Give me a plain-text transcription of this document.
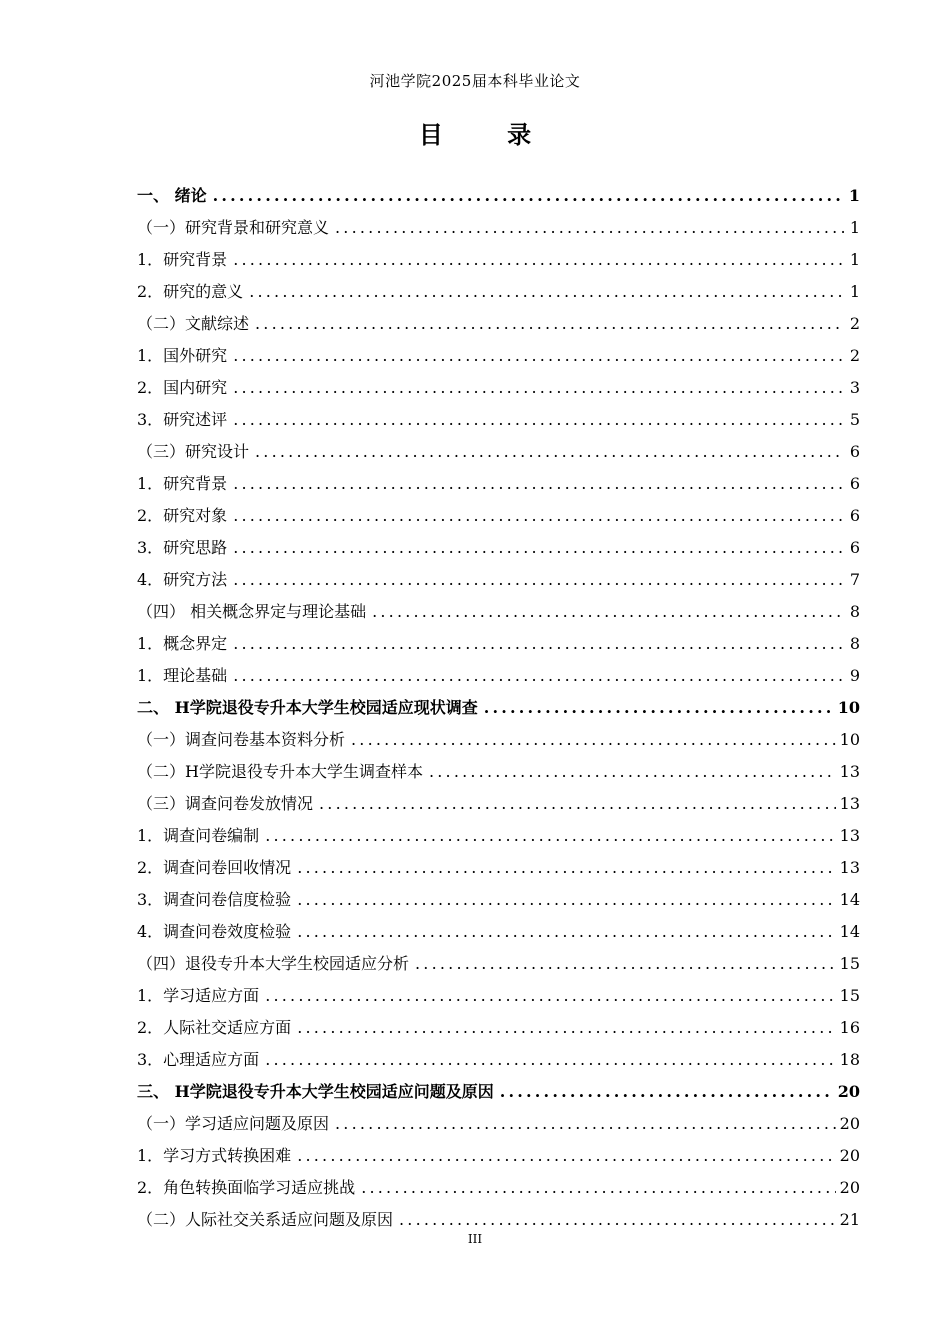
河池学院2025届本科毕业论文
目 录
一、 绪论 .....	1
（一）研究背景和研究意义 .....	1
1．研究背景 .....	1
2．研究的意义 .....	1
（二）文献综述 .....	2
1．国外研究 .....	2
2．国内研究 .....	3
3．研究述评 .....	5
（三）研究设计 .....	6
1．研究背景 .....	6
2．研究对象 .....	6
3．研究思路 .....	6
4．研究方法 .....	7
（四） 相关概念界定与理论基础 .....	8
1．概念界定 .....	8
1．理论基础 .....	9
二、 H学院退役专升本大学生校园适应现状调查 .....	10
（一）调查问卷基本资料分析 .....	10
（二）H学院退役专升本大学生调查样本 .....	13
（三）调查问卷发放情况 .....	13
1．调查问卷编制 .....	13
2．调查问卷回收情况 .....	13
3．调查问卷信度检验 .....	14
4．调查问卷效度检验 .....	14
（四）退役专升本大学生校园适应分析 .....	15
1．学习适应方面 .....	15
2．人际社交适应方面 .....	16
3．心理适应方面 .....	18
三、 H学院退役专升本大学生校园适应问题及原因 .....	20
（一）学习适应问题及原因 .....	20
1．学习方式转换困难 .....	20
2．角色转换面临学习适应挑战 .....	20
（二）人际社交关系适应问题及原因 .....	21
III
